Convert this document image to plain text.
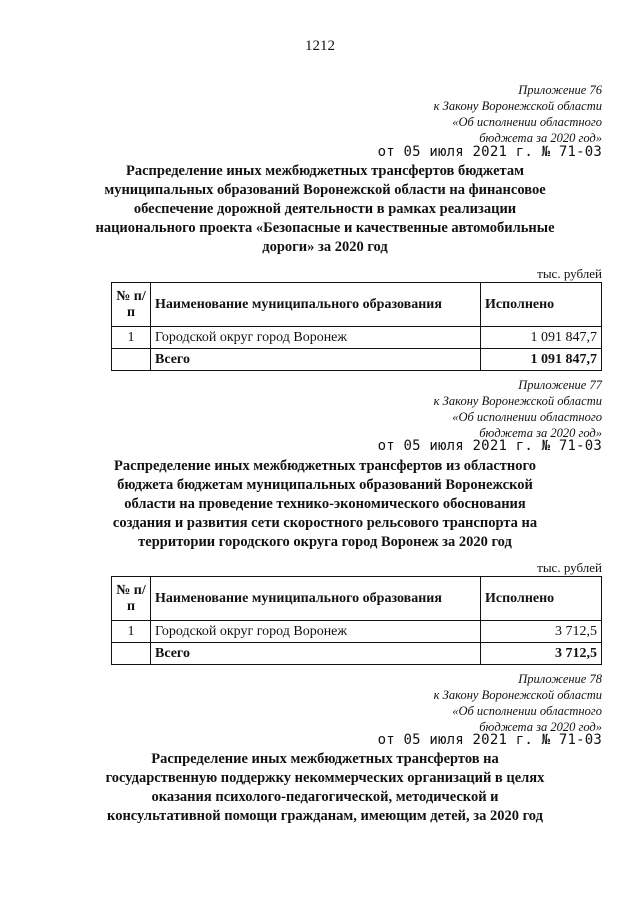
1212
Приложение 76
к Закону Воронежской области
«Об исполнении областного
бюджета за 2020 год»
от 05 июля 2021 г. № 71-03
Распределение иных межбюджетных трансфертов бюджетам муниципальных образований Воронежской области на финансовое обеспечение дорожной деятельности в рамках реализации национального проекта «Безопасные и качественные автомобильные дороги» за 2020 год
тыс. рублей
№ п/п	Наименование муниципального образования	Исполнено
1	Городской округ город Воронеж	1 091 847,7
	Всего	1 091 847,7
Приложение 77
к Закону Воронежской области
«Об исполнении областного
бюджета за 2020 год»
от 05 июля 2021 г. № 71-03
Распределение иных межбюджетных трансфертов из областного бюджета бюджетам муниципальных образований Воронежской области на проведение технико-экономического обоснования создания и развития сети скоростного рельсового транспорта на территории городского округа город Воронеж за 2020 год
тыс. рублей
№ п/п	Наименование муниципального образования	Исполнено
1	Городской округ город Воронеж	3 712,5
	Всего	3 712,5
Приложение 78
к Закону Воронежской области
«Об исполнении областного
бюджета за 2020 год»
от 05 июля 2021 г. № 71-03
Распределение иных межбюджетных трансфертов на государственную поддержку некоммерческих организаций в целях оказания психолого-педагогической, методической и консультативной помощи гражданам, имеющим детей, за 2020 год
